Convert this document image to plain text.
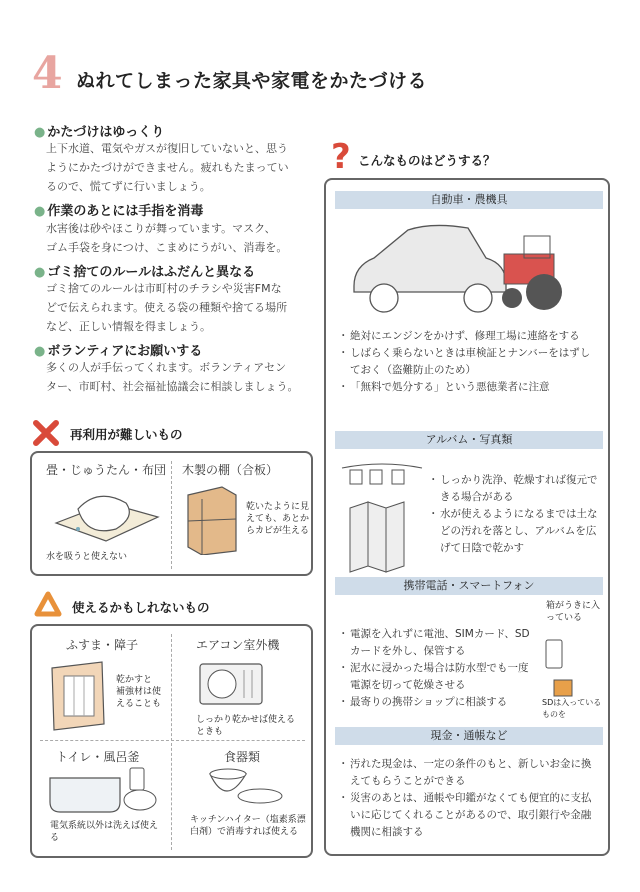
4 ぬれてしまった家具や家電をかたづける
● かたづけはゆっくり
上下水道、電気やガスが復旧していないと、思う
ようにかたづけができません。疲れもたまってい
るので、慌てずに行いましょう。
● 作業のあとには手指を消毒
水害後は砂やほこりが舞っています。マスク、
ゴム手袋を身につけ、こまめにうがい、消毒を。
● ゴミ捨てのルールはふだんと異なる
ゴミ捨てのルールは市町村のチラシや災害FMな
どで伝えられます。使える袋の種類や捨てる場所
など、正しい情報を得ましょう。
● ボランティアにお願いする
多くの人が手伝ってくれます。ボランティアセン
ター、市町村、社会福祉協議会に相談しましょう。
再利用が難しいもの
畳・じゅうたん・布団
水を吸うと使えない
木製の棚（合板）
乾いたように見えても、あとからカビが生える
使えるかもしれないもの
ふすま・障子
乾かすと　補強材は使えることも
エアコン室外機
しっかり乾かせば使えるときも
トイレ・風呂釜
電気系統以外は洗えば使える
食器類
キッチンハイター（塩素系漂白剤）で消毒すれば使える
? こんなものはどうする？
自動車・農機具
・ 絶対にエンジンをかけず、修理工場に連絡をする
・ しばらく乗らないときは車検証とナンバーをはずしておく（盗難防止のため）
・ 「無料で処分する」という悪徳業者に注意
アルバム・写真類
・ しっかり洗浄、乾燥すれば復元できる場合がある
・ 水が使えるようになるまでは土などの汚れを落とし、アルバムを広げて日陰で乾かす
携帯電話・スマートフォン
・ 電源を入れずに電池、SIMカード、SDカードを外し、保管する
・ 泥水に浸かった場合は防水型でも一度電源を切って乾燥させる
・ 最寄りの携帯ショップに相談する
箱がうきに入っている
SDは入っているものを
現金・通帳など
・ 汚れた現金は、一定の条件のもと、新しいお金に換えてもらうことができる
・ 災害のあとは、通帳や印鑑がなくても便宜的に支払いに応じてくれることがあるので、取引銀行や金融機関に相談する
